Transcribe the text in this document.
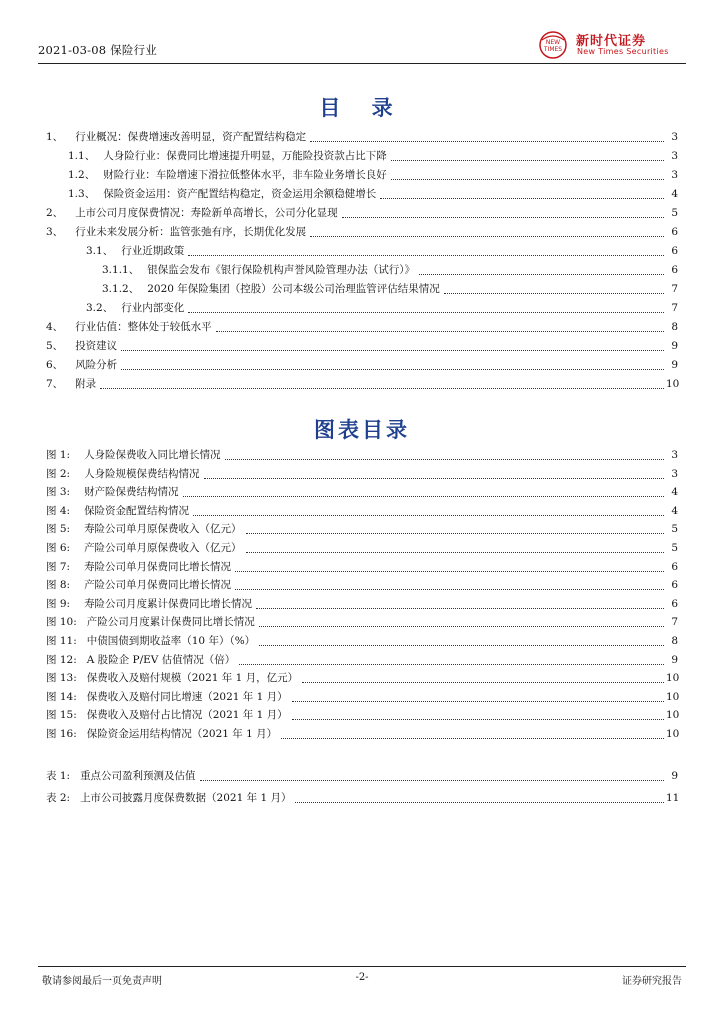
2021-03-08 保险行业
NEW
TIMES
新时代证券
New Times Securities
目 录
1、 行业概况：保费增速改善明显，资产配置结构稳定	3
1.1、 人身险行业：保费同比增速提升明显，万能险投资款占比下降	3
1.2、 财险行业：车险增速下滑拉低整体水平，非车险业务增长良好	3
1.3、 保险资金运用：资产配置结构稳定，资金运用余额稳健增长	4
2、 上市公司月度保费情况：寿险新单高增长，公司分化显现	5
3、 行业未来发展分析：监管张弛有序，长期优化发展	6
3.1、 行业近期政策	6
3.1.1、 银保监会发布《银行保险机构声誉风险管理办法（试行）》	6
3.1.2、 2020 年保险集团（控股）公司本级公司治理监管评估结果情况	7
3.2、 行业内部变化	7
4、 行业估值：整体处于较低水平	8
5、 投资建议	9
6、 风险分析	9
7、 附录	10
图表目录
图 1: 人身险保费收入同比增长情况	3
图 2: 人身险规模保费结构情况	3
图 3: 财产险保费结构情况	4
图 4: 保险资金配置结构情况	4
图 5: 寿险公司单月原保费收入（亿元）	5
图 6: 产险公司单月原保费收入（亿元）	5
图 7: 寿险公司单月保费同比增长情况	6
图 8: 产险公司单月保费同比增长情况	6
图 9: 寿险公司月度累计保费同比增长情况	6
图 10: 产险公司月度累计保费同比增长情况	7
图 11: 中债国债到期收益率（10 年）（%）	8
图 12: A 股险企 P/EV 估值情况（倍）	9
图 13: 保费收入及赔付规模（2021 年 1 月，亿元）	10
图 14: 保费收入及赔付同比增速（2021 年 1 月）	10
图 15: 保费收入及赔付占比情况（2021 年 1 月）	10
图 16: 保险资金运用结构情况（2021 年 1 月）	10
表 1: 重点公司盈利预测及估值	9
表 2: 上市公司披露月度保费数据（2021 年 1 月）	11
敬请参阅最后一页免责声明	-2-	证券研究报告
